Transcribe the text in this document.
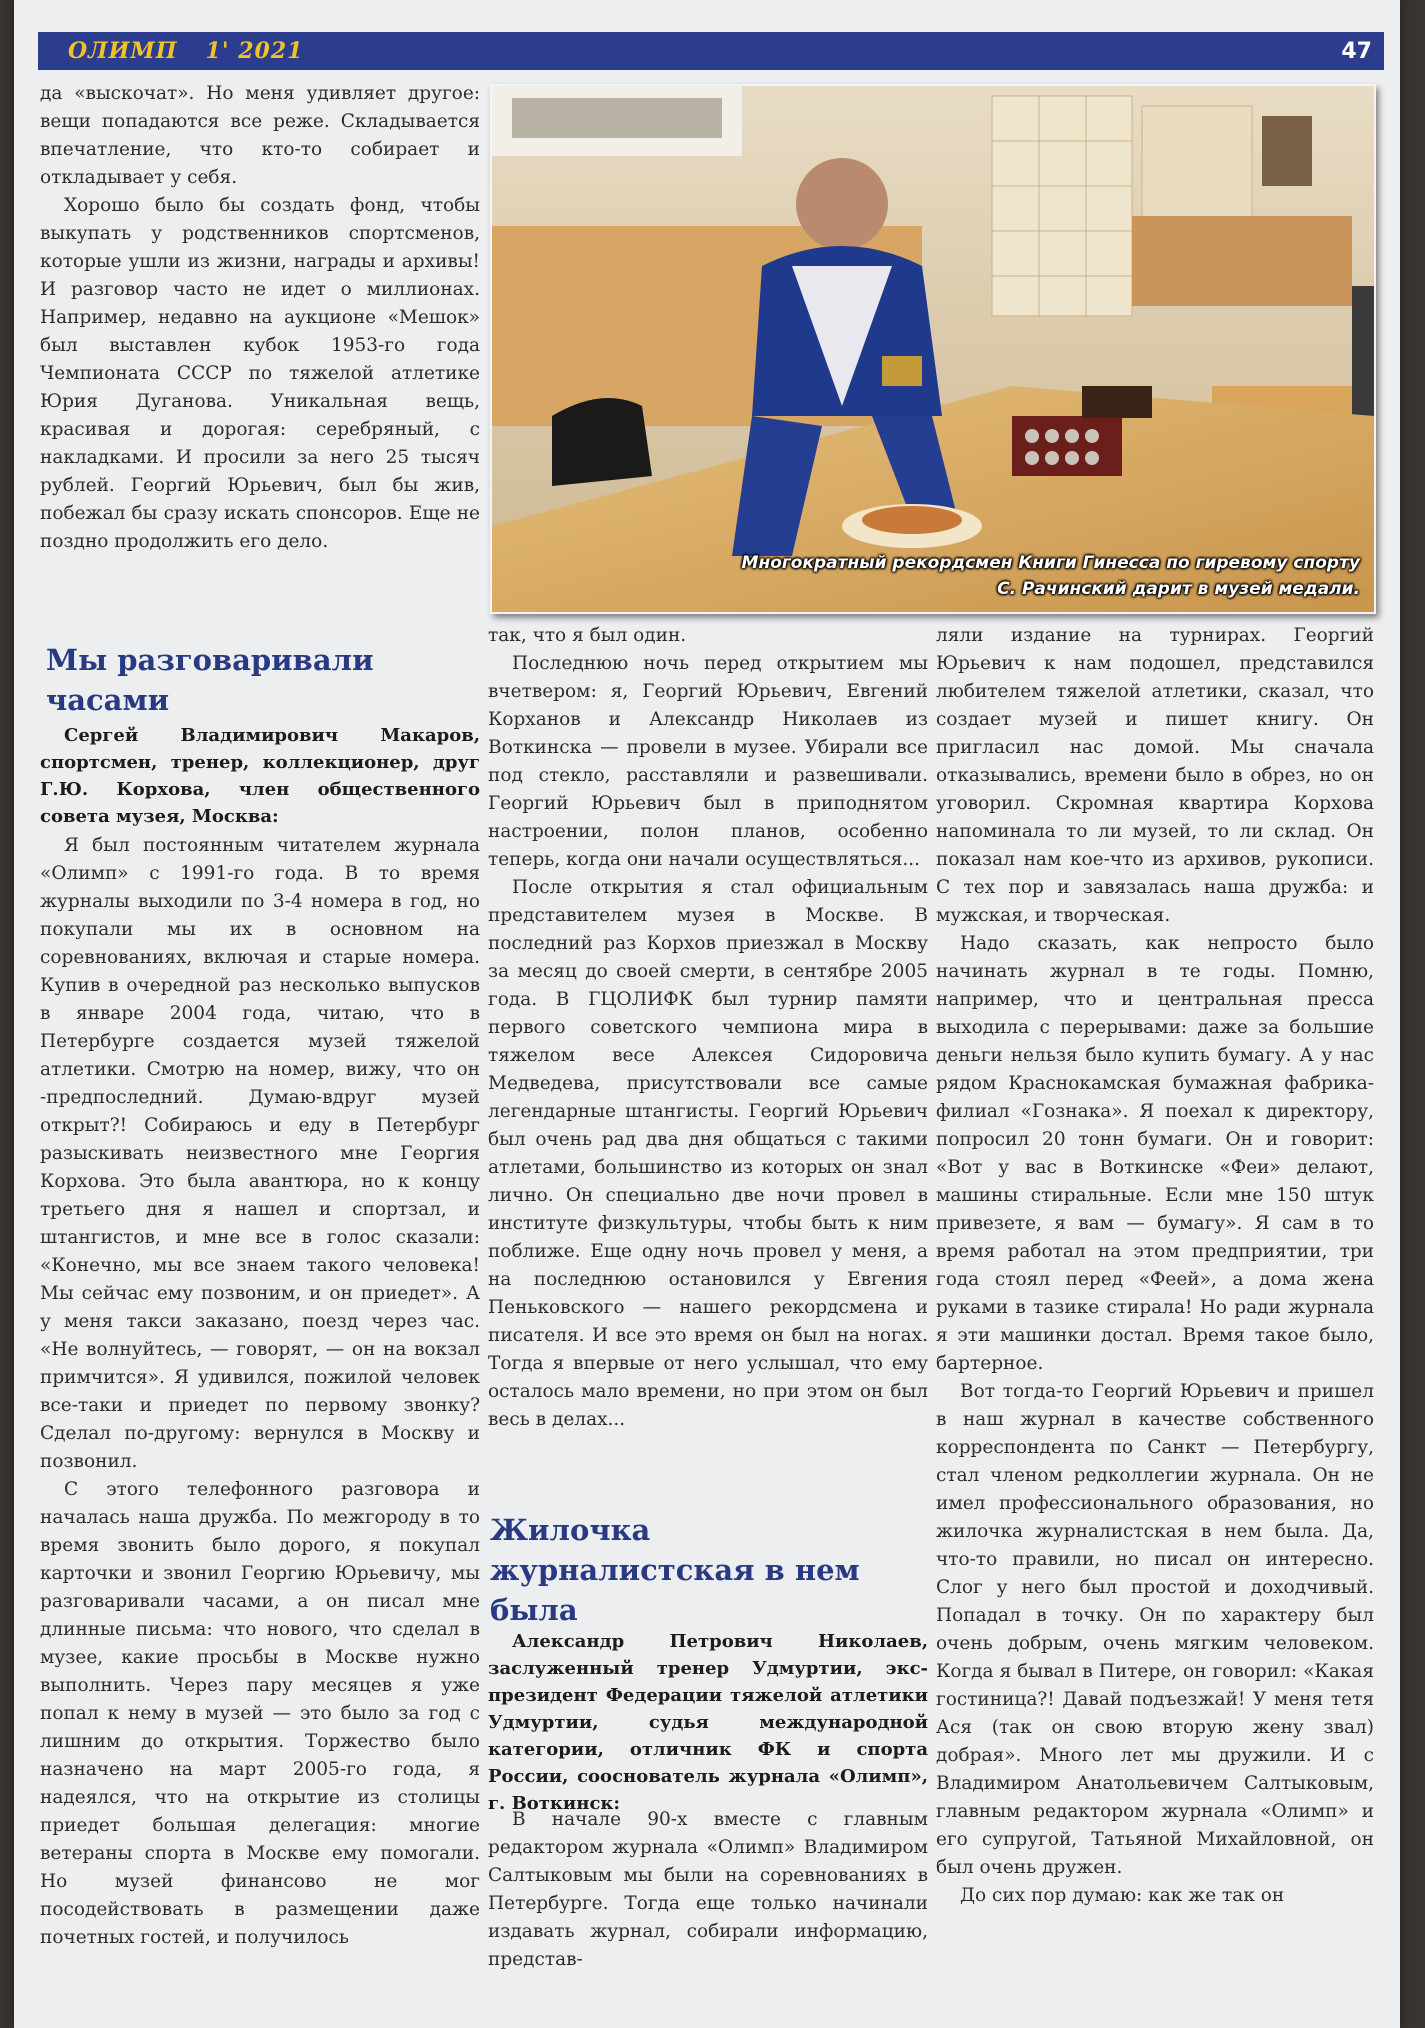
ОЛИМП 1' 2021	47

да «выскочат». Но меня удивляет другое: вещи попадаются все реже. Складывается впечатление, что кто-то собирает и откладывает у себя.

Хорошо было бы создать фонд, чтобы выкупать у родственников спортсменов, которые ушли из жизни, награды и архивы! И разговор часто не идет о миллионах. Например, недавно на аукционе «Мешок» был выставлен кубок 1953-го года Чемпионата СССР по тяжелой атлетике Юрия Дуганова. Уникальная вещь, красивая и дорогая: серебряный, с накладками. И просили за него 25 тысяч рублей. Георгий Юрьевич, был бы жив, побежал бы сразу искать спонсоров. Еще не поздно продолжить его дело.

Мы разговаривали часами
Сергей Владимирович Макаров, спортсмен, тренер, коллекционер, друг Г.Ю. Корхова, член общественного совета музея, Москва:

Я был постоянным читателем журнала «Олимп» с 1991-го года. В то время журналы выходили по 3-4 номера в год, но покупали мы их в основном на соревнованиях, включая и старые номера. Купив в очередной раз несколько выпусков в январе 2004 года, читаю, что в Петербурге создается музей тяжелой атлетики. Смотрю на номер, вижу, что он -предпоследний. Думаю-вдруг музей открыт?! Собираюсь и еду в Петербург разыскивать неизвестного мне Георгия Корхова. Это была авантюра, но к концу третьего дня я нашел и спортзал, и штангистов, и мне все в голос сказали: «Конечно, мы все знаем такого человека! Мы сейчас ему позвоним, и он приедет». А у меня такси заказано, поезд через час. «Не волнуйтесь, — говорят, — он на вокзал примчится». Я удивился, пожилой человек все-таки и приедет по первому звонку? Сделал по-другому: вернулся в Москву и позвонил.

С этого телефонного разговора и началась наша дружба. По межгороду в то время звонить было дорого, я покупал карточки и звонил Георгию Юрьевичу, мы разговаривали часами, а он писал мне длинные письма: что нового, что сделал в музее, какие просьбы в Москве нужно выполнить. Через пару месяцев я уже попал к нему в музей — это было за год с лишним до открытия. Торжество было назначено на март 2005-го года, я надеялся, что на открытие из столицы приедет большая делегация: многие ветераны спорта в Москве ему помогали. Но музей финансово не мог посодействовать в размещении даже почетных гостей, и получилось

Многократный рекордсмен Книги Гинесса по гиревому спорту
С. Рачинский дарит в музей медали.

так, что я был один.

Последнюю ночь перед открытием мы вчетвером: я, Георгий Юрьевич, Евгений Корханов и Александр Николаев из Воткинска — провели в музее. Убирали все под стекло, расставляли и развешивали. Георгий Юрьевич был в приподнятом настроении, полон планов, особенно теперь, когда они начали осуществляться...

После открытия я стал официальным представителем музея в Москве. В последний раз Корхов приезжал в Москву за месяц до своей смерти, в сентябре 2005 года. В ГЦОЛИФК был турнир памяти первого советского чемпиона мира в тяжелом весе Алексея Сидоровича Медведева, присутствовали все самые легендарные штангисты. Георгий Юрьевич был очень рад два дня общаться с такими атлетами, большинство из которых он знал лично. Он специально две ночи провел в институте физкультуры, чтобы быть к ним поближе. Еще одну ночь провел у меня, а на последнюю остановился у Евгения Пеньковского — нашего рекордсмена и писателя. И все это время он был на ногах. Тогда я впервые от него услышал, что ему осталось мало времени, но при этом он был весь в делах...

Жилочка журналистская в нем была
Александр Петрович Николаев, заслуженный тренер Удмуртии, экс-президент Федерации тяжелой атлетики Удмуртии, судья международной категории, отличник ФК и спорта России, сооснователь журнала «Олимп», г. Воткинск:

В начале 90-х вместе с главным редактором журнала «Олимп» Владимиром Салтыковым мы были на соревнованиях в Петербурге. Тогда еще только начинали издавать журнал, собирали информацию, представ-

ляли издание на турнирах. Георгий Юрьевич к нам подошел, представился любителем тяжелой атлетики, сказал, что создает музей и пишет книгу. Он пригласил нас домой. Мы сначала отказывались, времени было в обрез, но он уговорил. Скромная квартира Корхова напоминала то ли музей, то ли склад. Он показал нам кое-что из архивов, рукописи. С тех пор и завязалась наша дружба: и мужская, и творческая.

Надо сказать, как непросто было начинать журнал в те годы. Помню, например, что и центральная пресса выходила с перерывами: даже за большие деньги нельзя было купить бумагу. А у нас рядом Краснокамская бумажная фабрика-филиал «Гознака». Я поехал к директору, попросил 20 тонн бумаги. Он и говорит: «Вот у вас в Воткинске «Феи» делают, машины стиральные. Если мне 150 штук привезете, я вам — бумагу». Я сам в то время работал на этом предприятии, три года стоял перед «Феей», а дома жена руками в тазике стирала! Но ради журнала я эти машинки достал. Время такое было, бартерное.

Вот тогда-то Георгий Юрьевич и пришел в наш журнал в качестве собственного корреспондента по Санкт — Петербургу, стал членом редколлегии журнала. Он не имел профессионального образования, но жилочка журналистская в нем была. Да, что-то правили, но писал он интересно. Слог у него был простой и доходчивый. Попадал в точку. Он по характеру был очень добрым, очень мягким человеком. Когда я бывал в Питере, он говорил: «Какая гостиница?! Давай подъезжай! У меня тетя Ася (так он свою вторую жену звал) добрая». Много лет мы дружили. И с Владимиром Анатольевичем Салтыковым, главным редактором журнала «Олимп» и его супругой, Татьяной Михайловной, он был очень дружен.

До сих пор думаю: как же так он
